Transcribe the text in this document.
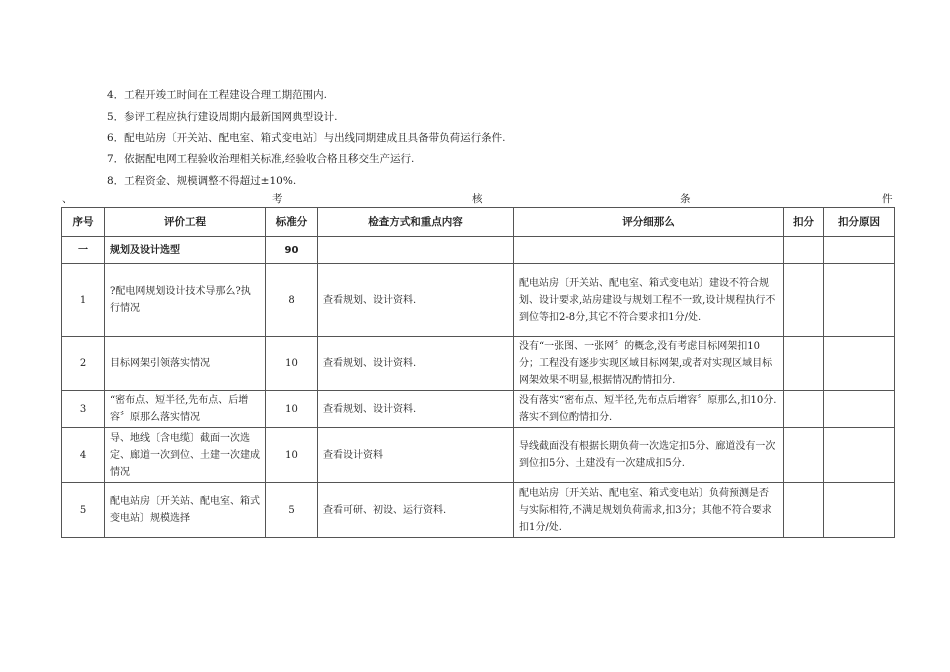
4．工程开竣工时间在工程建设合理工期范围内.
5．参评工程应执行建设周期内最新国网典型设计.
6．配电站房〔开关站、配电室、箱式变电站〕与出线同期建成且具备带负荷运行条件.
7．依据配电网工程验收治理相关标准,经验收合格且移交生产运行.
8．工程资金、规模调整不得超过±10%.
、	考	核	条	件
序号	评价工程	标准分	检查方式和重点内容	评分细那么	扣分	扣分原因
一	规划及设计选型	90				
1	?配电网规划设计技术导那么?执行情况	8	查看规划、设计资料.	配电站房〔开关站、配电室、箱式变电站〕建设不符合规划、设计要求,站房建设与规划工程不一致,设计规程执行不到位等扣2-8分,其它不符合要求扣1分/处.		
2	目标网架引领落实情况	10	查看规划、设计资料.	没有“一张图、一张网〞的概念,没有考虑目标网架扣10分；工程没有逐步实现区域目标网架,或者对实现区域目标网架效果不明显,根据情况酌情扣分.		
3	“密布点、短半径,先布点、后增容〞原那么落实情况	10	查看规划、设计资料.	没有落实“密布点、短半径,先布点后增容〞原那么,扣10分.落实不到位酌情扣分.		
4	导、地线〔含电缆〕截面一次选定、廊道一次到位、土建一次建成情况	10	查看设计资料	导线截面没有根据长期负荷一次选定扣5分、廊道没有一次到位扣5分、土建没有一次建成扣5分.		
5	配电站房〔开关站、配电室、箱式变电站〕规模选择	5	查看可研、初设、运行资料.	配电站房〔开关站、配电室、箱式变电站〕负荷预测是否与实际相符,不满足规划负荷需求,扣3分；其他不符合要求扣1分/处.		
